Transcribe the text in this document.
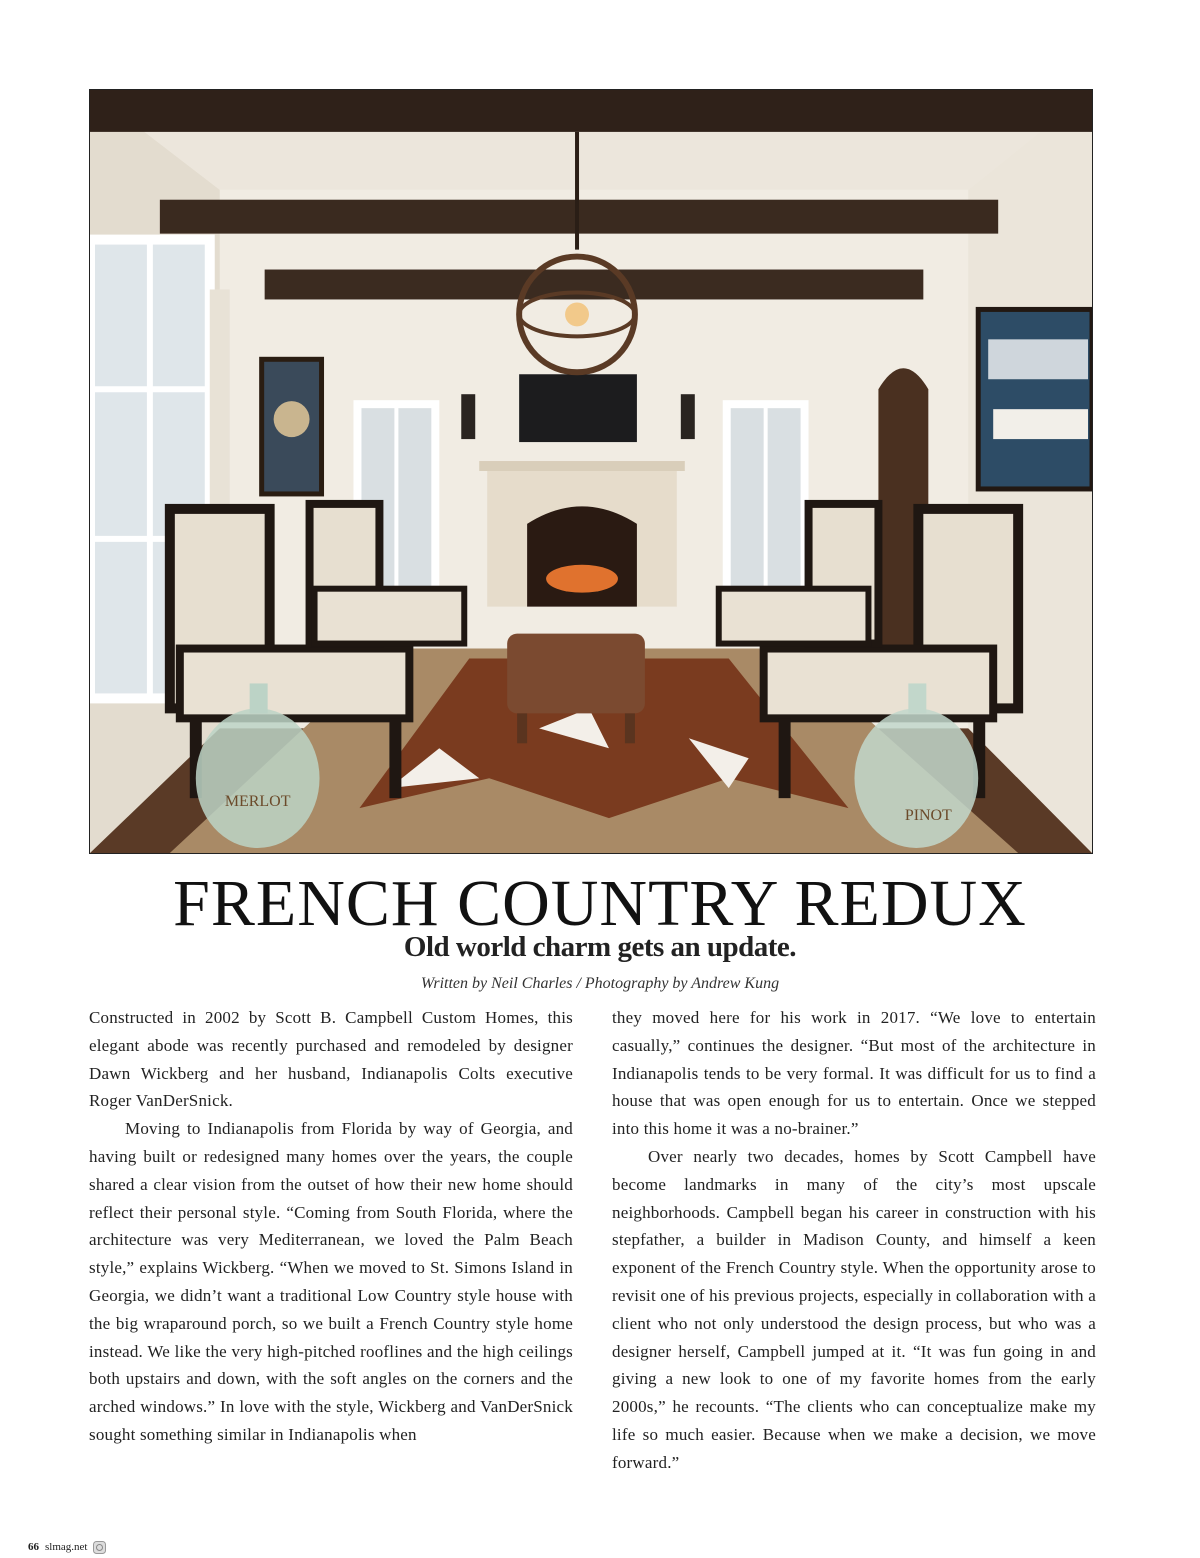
MERLOT
PINOT
FRENCH COUNTRY REDUX
Old world charm gets an update.

Written by Neil Charles / Photography by Andrew Kung

Constructed in 2002 by Scott B. Campbell Custom Homes, this elegant abode was recently purchased and remodeled by designer Dawn Wickberg and her husband, Indianapolis Colts executive Roger VanDerSnick.

Moving to Indianapolis from Florida by way of Georgia, and having built or redesigned many homes over the years, the couple shared a clear vision from the outset of how their new home should reflect their personal style. “Coming from South Florida, where the architecture was very Mediterranean, we loved the Palm Beach style,” explains Wickberg. “When we moved to St. Simons Island in Georgia, we didn’t want a traditional Low Country style house with the big wraparound porch, so we built a French Country style home instead. We like the very high-pitched rooflines and the high ceilings both upstairs and down, with the soft angles on the corners and the arched windows.” In love with the style, Wickberg and VanDerSnick sought something similar in Indianapolis when

they moved here for his work in 2017. “We love to entertain casually,” continues the designer. “But most of the architecture in Indianapolis tends to be very formal. It was difficult for us to find a house that was open enough for us to entertain. Once we stepped into this home it was a no-brainer.”

Over nearly two decades, homes by Scott Campbell have become landmarks in many of the city’s most upscale neighborhoods. Campbell began his career in construction with his stepfather, a builder in Madison County, and himself a keen exponent of the French Country style. When the opportunity arose to revisit one of his previous projects, especially in collaboration with a client who not only understood the design process, but who was a designer herself, Campbell jumped at it. “It was fun going in and giving a new look to one of my favorite homes from the early 2000s,” he recounts. “The clients who can conceptualize make my life so much easier. Because when we make a decision, we move forward.”

66 slmag.net
